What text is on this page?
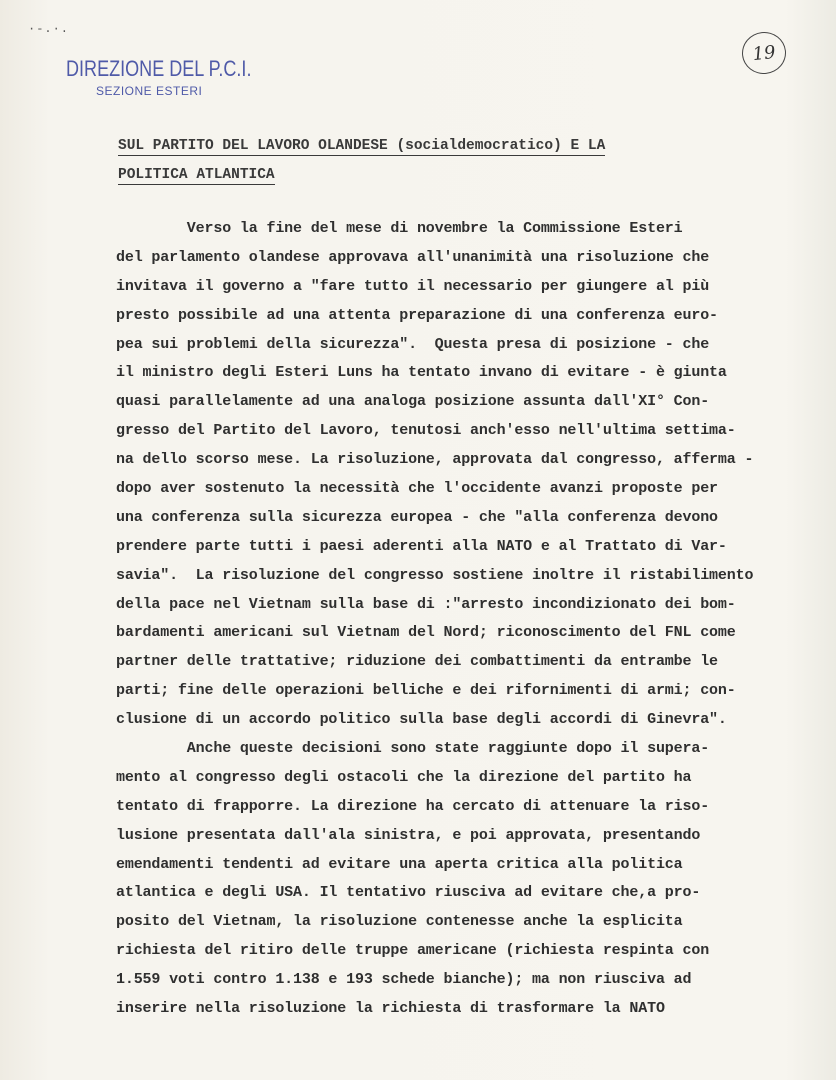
·-.·.
DIREZIONE DEL P.C.I.
SEZIONE ESTERI
19
SUL PARTITO DEL LAVORO OLANDESE (socialdemocratico) E LA
POLITICA ATLANTICA
Verso la fine del mese di novembre la Commissione Esteri
del parlamento olandese approvava all'unanimità una risoluzione che
invitava il governo a "fare tutto il necessario per giungere al più
presto possibile ad una attenta preparazione di una conferenza euro-
pea sui problemi della sicurezza".  Questa presa di posizione - che
il ministro degli Esteri Luns ha tentato invano di evitare - è giunta
quasi parallelamente ad una analoga posizione assunta dall'XI° Con-
gresso del Partito del Lavoro, tenutosi anch'esso nell'ultima settima-
na dello scorso mese. La risoluzione, approvata dal congresso, afferma -
dopo aver sostenuto la necessità che l'occidente avanzi proposte per
una conferenza sulla sicurezza europea - che "alla conferenza devono
prendere parte tutti i paesi aderenti alla NATO e al Trattato di Var-
savia".  La risoluzione del congresso sostiene inoltre il ristabilimento
della pace nel Vietnam sulla base di :"arresto incondizionato dei bom-
bardamenti americani sul Vietnam del Nord; riconoscimento del FNL come
partner delle trattative; riduzione dei combattimenti da entrambe le
parti; fine delle operazioni belliche e dei rifornimenti di armi; con-
clusione di un accordo politico sulla base degli accordi di Ginevra".
Anche queste decisioni sono state raggiunte dopo il supera-
mento al congresso degli ostacoli che la direzione del partito ha
tentato di frapporre. La direzione ha cercato di attenuare la riso-
lusione presentata dall'ala sinistra, e poi approvata, presentando
emendamenti tendenti ad evitare una aperta critica alla politica
atlantica e degli USA. Il tentativo riusciva ad evitare che,a pro-
posito del Vietnam, la risoluzione contenesse anche la esplicita
richiesta del ritiro delle truppe americane (richiesta respinta con
1.559 voti contro 1.138 e 193 schede bianche); ma non riusciva ad
inserire nella risoluzione la richiesta di trasformare la NATO
